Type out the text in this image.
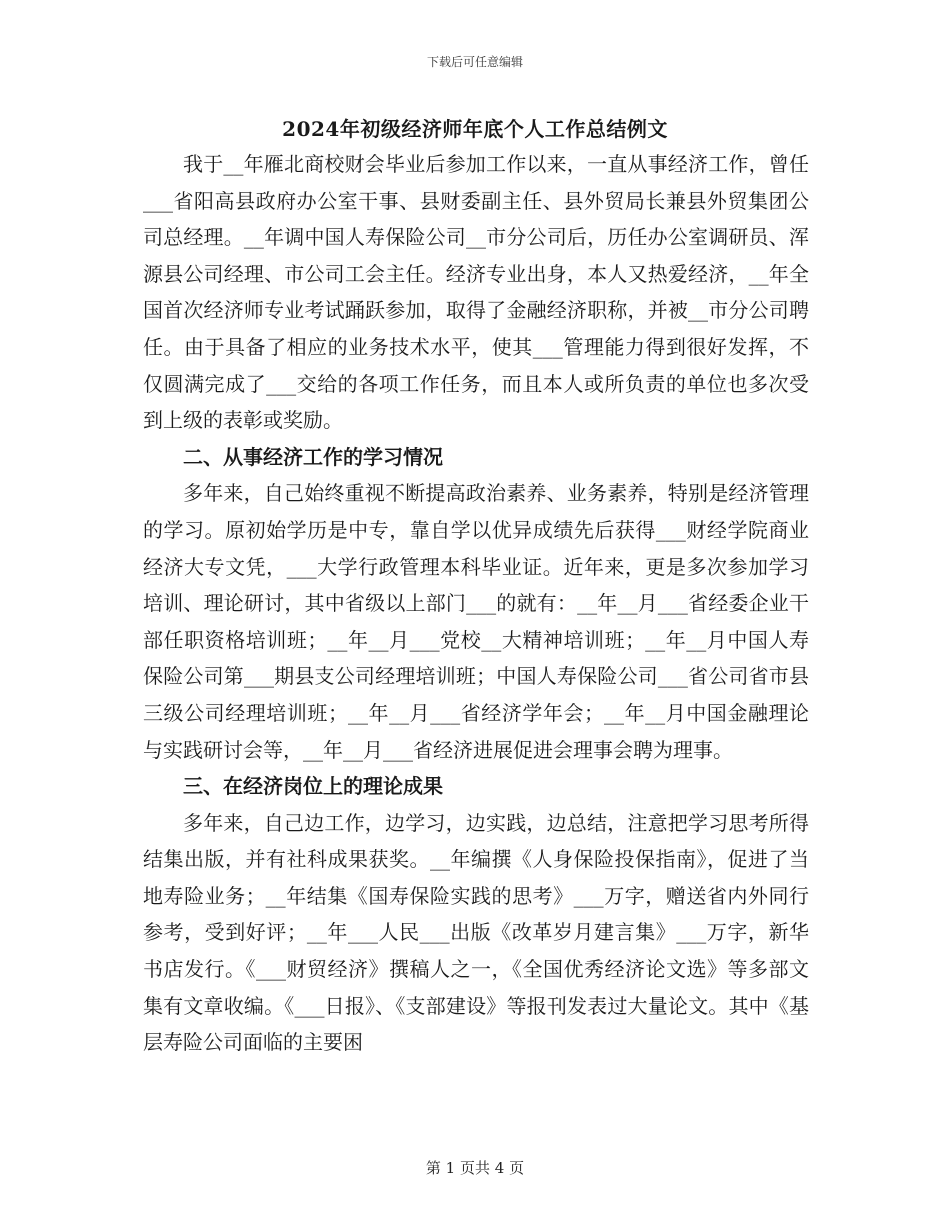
下载后可任意编辑
2024年初级经济师年底个人工作总结例文

我于__年雁北商校财会毕业后参加工作以来，一直从事经济工作，曾任___省阳高县政府办公室干事、县财委副主任、县外贸局长兼县外贸集团公司总经理。__年调中国人寿保险公司__市分公司后，历任办公室调研员、浑源县公司经理、市公司工会主任。经济专业出身，本人又热爱经济，__年全国首次经济师专业考试踊跃参加，取得了金融经济职称，并被__市分公司聘任。由于具备了相应的业务技术水平，使其___管理能力得到很好发挥，不仅圆满完成了___交给的各项工作任务，而且本人或所负责的单位也多次受到上级的表彰或奖励。

二、从事经济工作的学习情况

多年来，自己始终重视不断提高政治素养、业务素养，特别是经济管理的学习。原初始学历是中专，靠自学以优异成绩先后获得___财经学院商业经济大专文凭，___大学行政管理本科毕业证。近年来，更是多次参加学习培训、理论研讨，其中省级以上部门___的就有：__年__月___省经委企业干部任职资格培训班；__年__月___党校__大精神培训班；__年__月中国人寿保险公司第___期县支公司经理培训班；中国人寿保险公司___省公司省市县三级公司经理培训班；__年__月___省经济学年会；__年__月中国金融理论与实践研讨会等，__年__月___省经济进展促进会理事会聘为理事。

三、在经济岗位上的理论成果

多年来，自己边工作，边学习，边实践，边总结，注意把学习思考所得结集出版，并有社科成果获奖。__年编撰《人身保险投保指南》，促进了当地寿险业务；__年结集《国寿保险实践的思考》___万字，赠送省内外同行参考，受到好评；__年___人民___出版《改革岁月建言集》___万字，新华书店发行。《___财贸经济》撰稿人之一，《全国优秀经济论文选》等多部文集有文章收编。《___日报》、《支部建设》等报刊发表过大量论文。其中《基层寿险公司面临的主要困

第 1 页共 4 页
